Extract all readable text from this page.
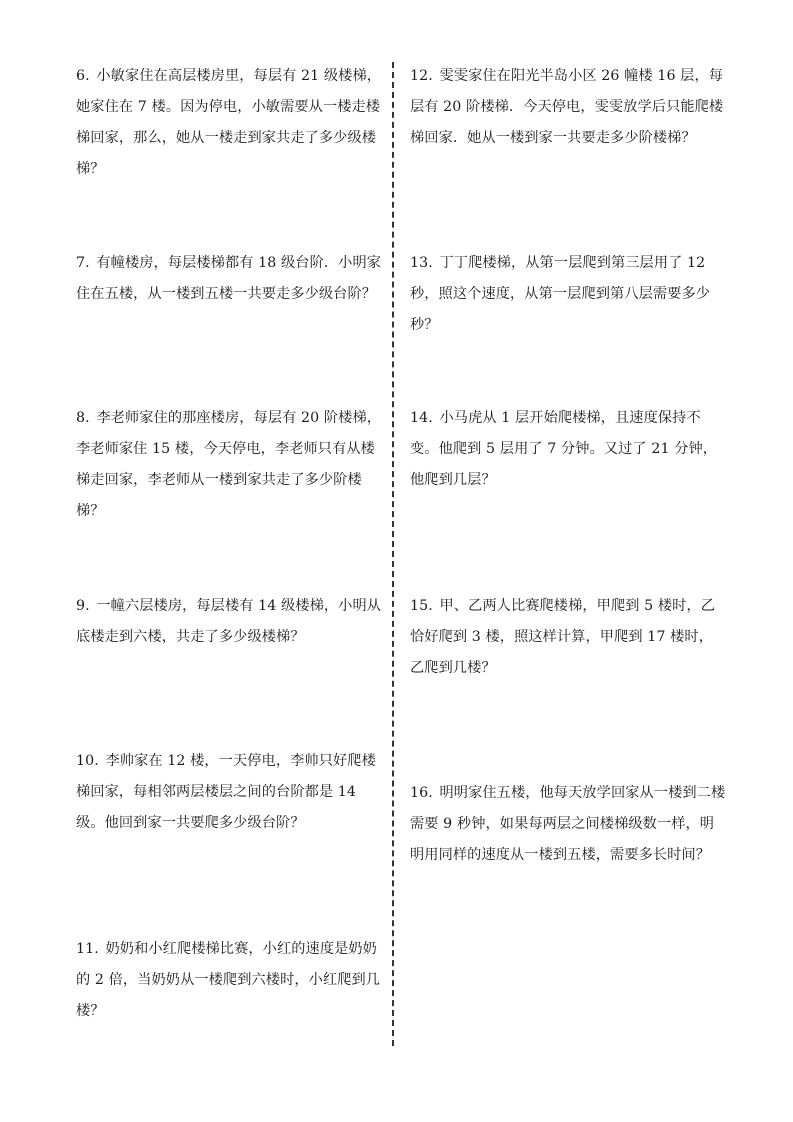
6. 小敏家住在高层楼房里，每层有 21 级楼梯，她家住在 7 楼。因为停电，小敏需要从一楼走楼梯回家，那么，她从一楼走到家共走了多少级楼梯？
7. 有幢楼房，每层楼梯都有 18 级台阶．小明家住在五楼，从一楼到五楼一共要走多少级台阶？
8. 李老师家住的那座楼房，每层有 20 阶楼梯，李老师家住 15 楼，今天停电，李老师只有从楼梯走回家，李老师从一楼到家共走了多少阶楼梯？
9. 一幢六层楼房，每层楼有 14 级楼梯，小明从底楼走到六楼，共走了多少级楼梯？
10. 李帅家在 12 楼，一天停电，李帅只好爬楼梯回家，每相邻两层楼层之间的台阶都是 14 级。他回到家一共要爬多少级台阶？
11. 奶奶和小红爬楼梯比赛，小红的速度是奶奶的 2 倍，当奶奶从一楼爬到六楼时，小红爬到几楼？
12. 雯雯家住在阳光半岛小区 26 幢楼 16 层，每层有 20 阶楼梯．今天停电，雯雯放学后只能爬楼梯回家．她从一楼到家一共要走多少阶楼梯？
13. 丁丁爬楼梯，从第一层爬到第三层用了 12 秒，照这个速度，从第一层爬到第八层需要多少秒？
14. 小马虎从 1 层开始爬楼梯，且速度保持不变。他爬到 5 层用了 7 分钟。又过了 21 分钟，他爬到几层？
15. 甲、乙两人比赛爬楼梯，甲爬到 5 楼时，乙恰好爬到 3 楼，照这样计算，甲爬到 17 楼时，乙爬到几楼？
16. 明明家住五楼，他每天放学回家从一楼到二楼需要 9 秒钟，如果每两层之间楼梯级数一样，明明用同样的速度从一楼到五楼，需要多长时间？
